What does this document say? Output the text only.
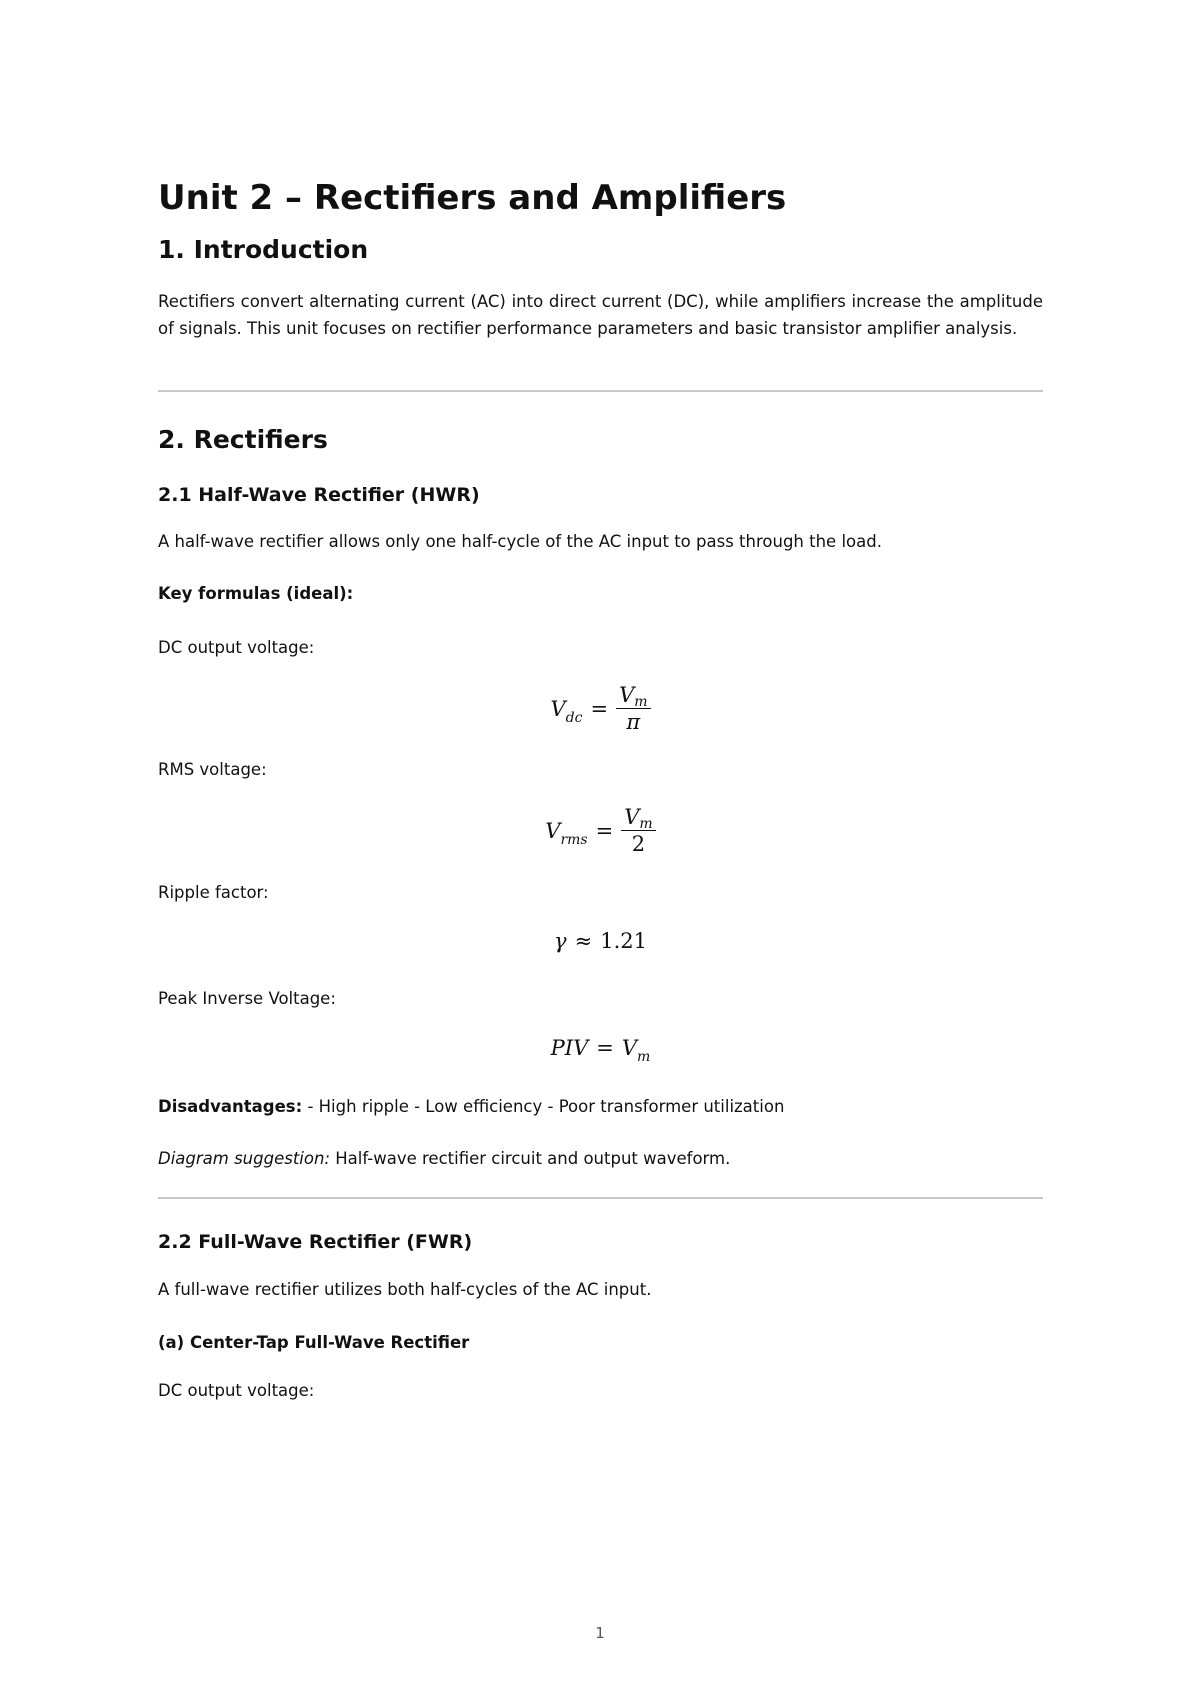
Unit 2 – Rectifiers and Amplifiers
1. Introduction

Rectifiers convert alternating current (AC) into direct current (DC), while amplifiers increase the amplitude of signals. This unit focuses on rectifier performance parameters and basic transistor amplifier analysis.

2. Rectifiers
2.1 Half-Wave Rectifier (HWR)

A half-wave rectifier allows only one half-cycle of the AC input to pass through the load.

Key formulas (ideal):

DC output voltage:

$V_{dc} = \frac{Vm}{\pi}$

RMS voltage:

$V_{rms} = \frac{Vm}{2}$

Ripple factor:

γ ≈ 1.21

Peak Inverse Voltage:

PIV = $V_m$

Disadvantages: - High ripple - Low efficiency - Poor transformer utilization

Diagram suggestion: Half-wave rectifier circuit and output waveform.

2.2 Full-Wave Rectifier (FWR)

A full-wave rectifier utilizes both half-cycles of the AC input.

(a) Center-Tap Full-Wave Rectifier

DC output voltage:

1
